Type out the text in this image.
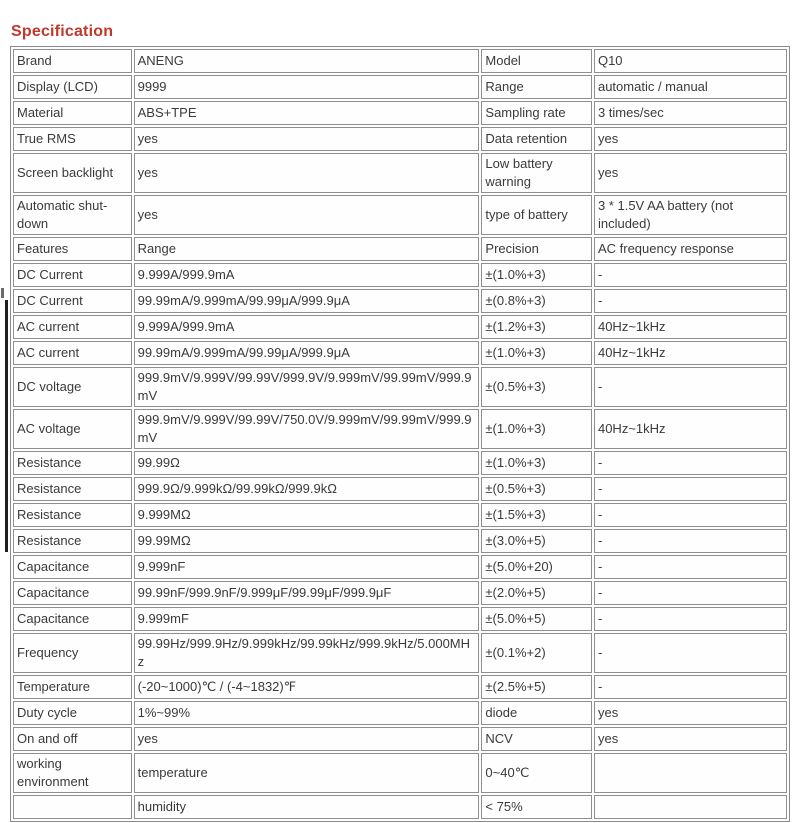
Specification
Brand	ANENG	Model	Q10
Display (LCD)	9999	Range	automatic / manual
Material	ABS+TPE	Sampling rate	3 times/sec
True RMS	yes	Data retention	yes
Screen backlight	yes	Low battery warning	yes
Automatic shut-down	yes	type of battery	3 * 1.5V AA battery (not included)
Features	Range	Precision	AC frequency response
DC Current	9.999A/999.9mA	±(1.0%+3)	-
DC Current	99.99mA/9.999mA/99.99μA/999.9μA	±(0.8%+3)	-
AC current	9.999A/999.9mA	±(1.2%+3)	40Hz~1kHz
AC current	99.99mA/9.999mA/99.99μA/999.9μA	±(1.0%+3)	40Hz~1kHz
DC voltage	999.9mV/9.999V/99.99V/999.9V/9.999mV/99.99mV/999.9mV	±(0.5%+3)	-
AC voltage	999.9mV/9.999V/99.99V/750.0V/9.999mV/99.99mV/999.9mV	±(1.0%+3)	40Hz~1kHz
Resistance	99.99Ω	±(1.0%+3)	-
Resistance	999.9Ω/9.999kΩ/99.99kΩ/999.9kΩ	±(0.5%+3)	-
Resistance	9.999MΩ	±(1.5%+3)	-
Resistance	99.99MΩ	±(3.0%+5)	-
Capacitance	9.999nF	±(5.0%+20)	-
Capacitance	99.99nF/999.9nF/9.999μF/99.99μF/999.9μF	±(2.0%+5)	-
Capacitance	9.999mF	±(5.0%+5)	-
Frequency	99.99Hz/999.9Hz/9.999kHz/99.99kHz/999.9kHz/5.000MHz	±(0.1%+2)	-
Temperature	(-20~1000)℃ / (-4~1832)℉	±(2.5%+5)	-
Duty cycle	1%~99%	diode	yes
On and off	yes	NCV	yes
working environment	temperature	0~40℃	
	humidity	< 75%	
